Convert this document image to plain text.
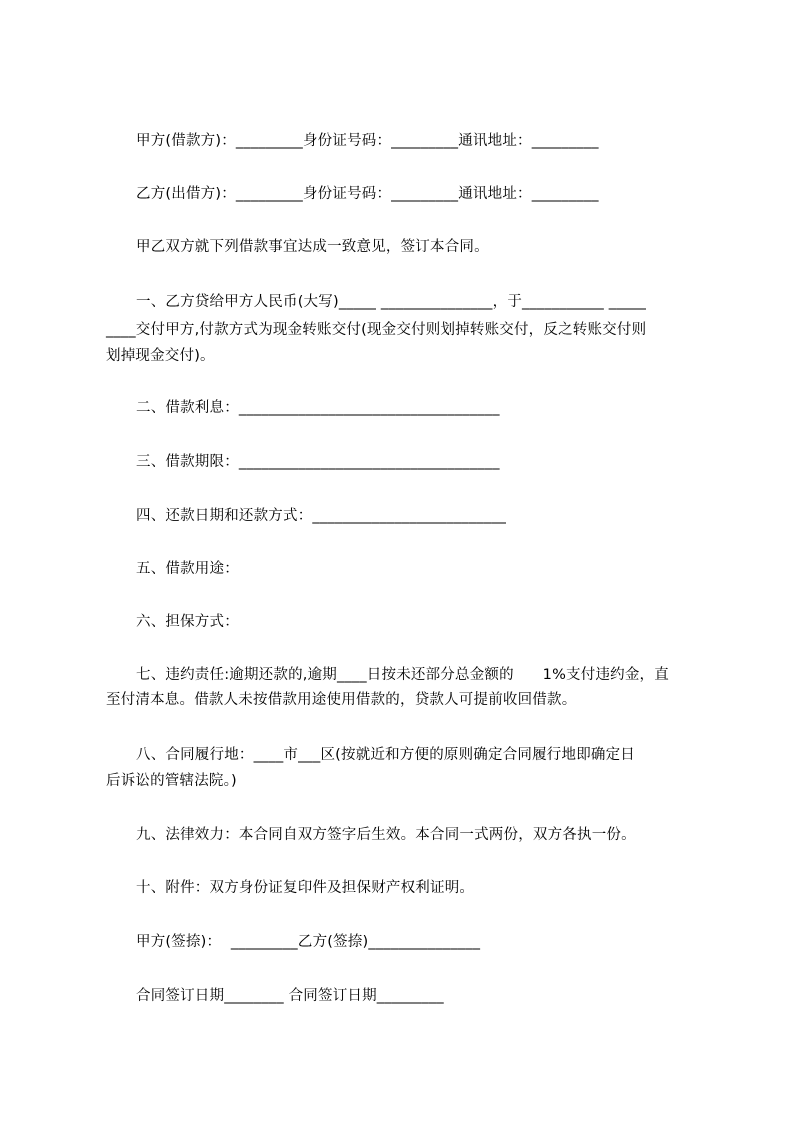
甲方(借款方)：_________身份证号码：_________通讯地址：_________
乙方(出借方)：_________身份证号码：_________通讯地址：_________
甲乙双方就下列借款事宜达成一致意见，签订本合同。
一、乙方贷给甲方人民币(大写)_____ _______________，于___________ _____
____交付甲方,付款方式为现金转账交付(现金交付则划掉转账交付，反之转账交付则
划掉现金交付)。
二、借款利息：___________________________________
三、借款期限：___________________________________
四、还款日期和还款方式：__________________________
五、借款用途：
六、担保方式：
七、违约责任:逾期还款的,逾期____日按未还部分总金额的      1%支付违约金，直
至付清本息。借款人未按借款用途使用借款的，贷款人可提前收回借款。
八、合同履行地：____市___区(按就近和方便的原则确定合同履行地即确定日
后诉讼的管辖法院。)
九、法律效力：本合同自双方签字后生效。本合同一式两份，双方各执一份。
十、附件：双方身份证复印件及担保财产权利证明。
甲方(签捺)：  _________乙方(签捺)_______________
合同签订日期________ 合同签订日期_________
